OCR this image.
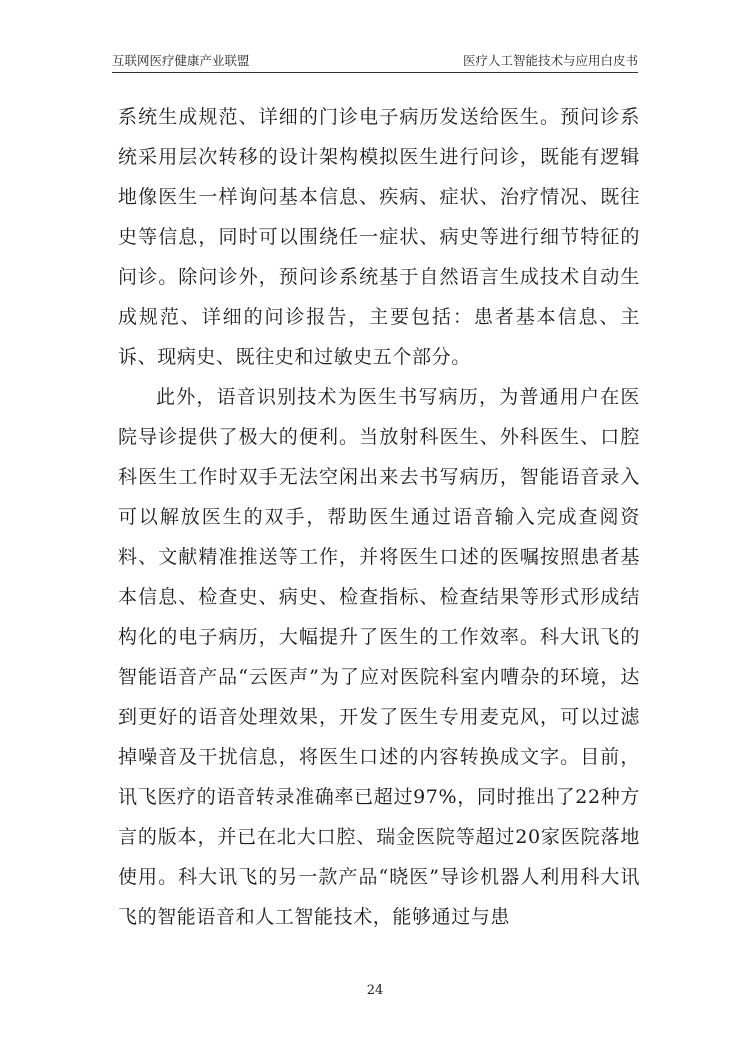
互联网医疗健康产业联盟	医疗人工智能技术与应用白皮书

系统生成规范、详细的门诊电子病历发送给医生。预问诊系统采用层次转移的设计架构模拟医生进行问诊，既能有逻辑地像医生一样询问基本信息、疾病、症状、治疗情况、既往史等信息，同时可以围绕任一症状、病史等进行细节特征的问诊。除问诊外，预问诊系统基于自然语言生成技术自动生成规范、详细的问诊报告，主要包括：患者基本信息、主诉、现病史、既往史和过敏史五个部分。

此外，语音识别技术为医生书写病历，为普通用户在医院导诊提供了极大的便利。当放射科医生、外科医生、口腔科医生工作时双手无法空闲出来去书写病历，智能语音录入可以解放医生的双手，帮助医生通过语音输入完成查阅资料、文献精准推送等工作，并将医生口述的医嘱按照患者基本信息、检查史、病史、检查指标、检查结果等形式形成结构化的电子病历，大幅提升了医生的工作效率。科大讯飞的智能语音产品“云医声”为了应对医院科室内嘈杂的环境，达到更好的语音处理效果，开发了医生专用麦克风，可以过滤掉噪音及干扰信息，将医生口述的内容转换成文字。目前，讯飞医疗的语音转录准确率已超过97%，同时推出了22种方言的版本，并已在北大口腔、瑞金医院等超过20家医院落地使用。科大讯飞的另一款产品“晓医”导诊机器人利用科大讯飞的智能语音和人工智能技术，能够通过与患

24
